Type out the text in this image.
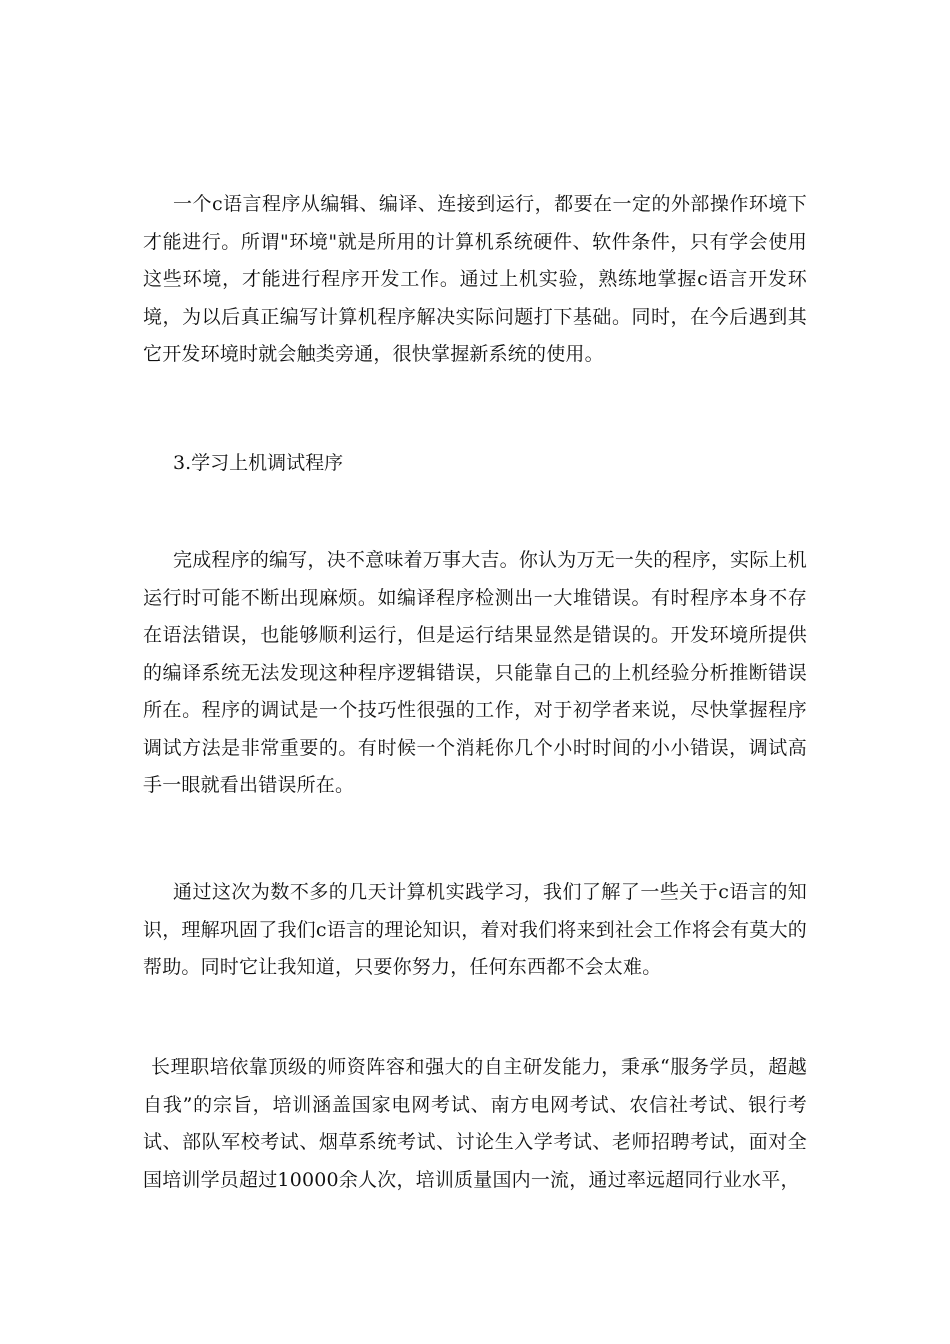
一个c语言程序从编辑、编译、连接到运行，都要在一定的外部操作环境下才能进行。所谓"环境"就是所用的计算机系统硬件、软件条件，只有学会使用这些环境，才能进行程序开发工作。通过上机实验，熟练地掌握c语言开发环境，为以后真正编写计算机程序解决实际问题打下基础。同时，在今后遇到其它开发环境时就会触类旁通，很快掌握新系统的使用。

3.学习上机调试程序

完成程序的编写，决不意味着万事大吉。你认为万无一失的程序，实际上机运行时可能不断出现麻烦。如编译程序检测出一大堆错误。有时程序本身不存在语法错误，也能够顺利运行，但是运行结果显然是错误的。开发环境所提供的编译系统无法发现这种程序逻辑错误，只能靠自己的上机经验分析推断错误所在。程序的调试是一个技巧性很强的工作，对于初学者来说，尽快掌握程序调试方法是非常重要的。有时候一个消耗你几个小时时间的小小错误，调试高手一眼就看出错误所在。

通过这次为数不多的几天计算机实践学习，我们了解了一些关于c语言的知识，理解巩固了我们c语言的理论知识，着对我们将来到社会工作将会有莫大的帮助。同时它让我知道，只要你努力，任何东西都不会太难。

长理职培依靠顶级的师资阵容和强大的自主研发能力，秉承“服务学员，超越自我”的宗旨，培训涵盖国家电网考试、南方电网考试、农信社考试、银行考试、部队军校考试、烟草系统考试、讨论生入学考试、老师招聘考试，面对全国培训学员超过10000余人次，培训质量国内一流，通过率远超同行业水平，
